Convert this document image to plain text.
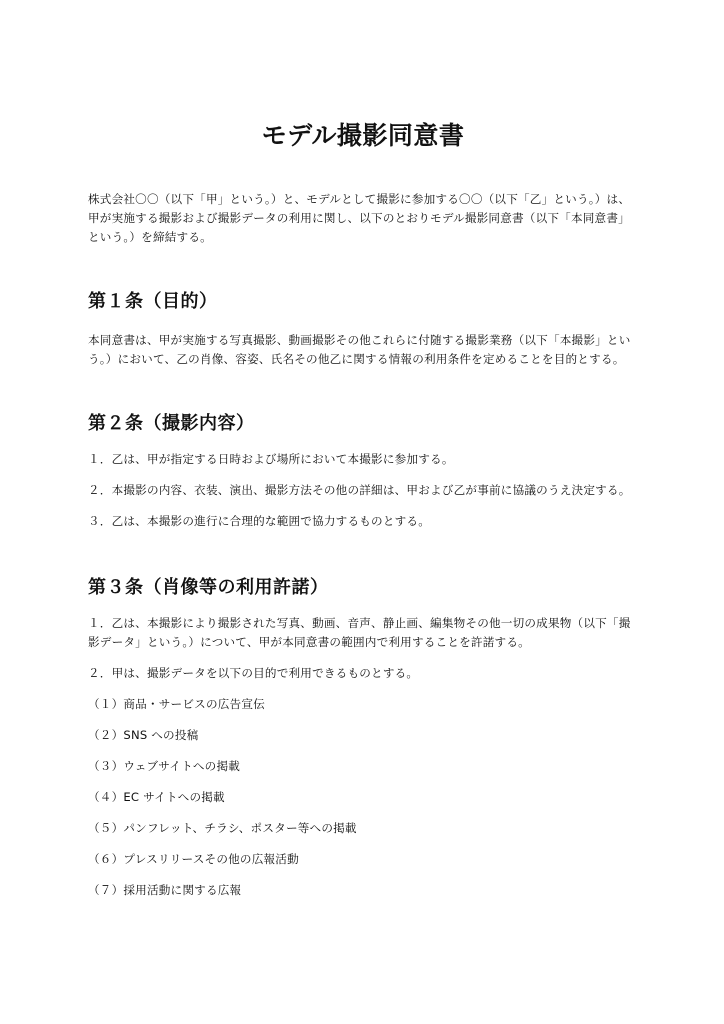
モデル撮影同意書

株式会社〇〇（以下「甲」という。）と、モデルとして撮影に参加する〇〇（以下「乙」という。）は、甲が実施する撮影および撮影データの利用に関し、以下のとおりモデル撮影同意書（以下「本同意書」という。）を締結する。

第１条（目的）

本同意書は、甲が実施する写真撮影、動画撮影その他これらに付随する撮影業務（以下「本撮影」という。）において、乙の肖像、容姿、氏名その他乙に関する情報の利用条件を定めることを目的とする。

第２条（撮影内容）

１．乙は、甲が指定する日時および場所において本撮影に参加する。

２．本撮影の内容、衣装、演出、撮影方法その他の詳細は、甲および乙が事前に協議のうえ決定する。

３．乙は、本撮影の進行に合理的な範囲で協力するものとする。

第３条（肖像等の利用許諾）

１．乙は、本撮影により撮影された写真、動画、音声、静止画、編集物その他一切の成果物（以下「撮影データ」という。）について、甲が本同意書の範囲内で利用することを許諾する。

２．甲は、撮影データを以下の目的で利用できるものとする。

（１）商品・サービスの広告宣伝

（２）SNS への投稿

（３）ウェブサイトへの掲載

（４）EC サイトへの掲載

（５）パンフレット、チラシ、ポスター等への掲載

（６）プレスリリースその他の広報活動

（７）採用活動に関する広報
